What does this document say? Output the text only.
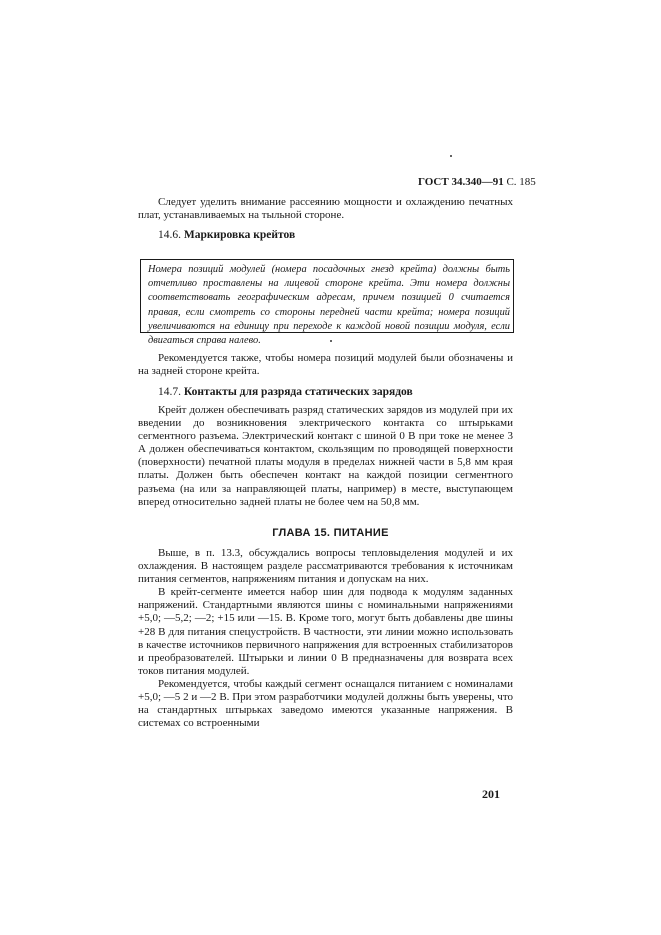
ГОСТ 34.340—91 С. 185

Следует уделить внимание рассеянию мощности и охлаждению печатных плат, устанавливаемых на тыльной стороне.

14.6. Маркировка крейтов
Номера позиций модулей (номера посадочных гнезд крейта) должны быть отчетливо проставлены на лицевой стороне крейта. Эти номера должны соответствовать географическим адресам, причем позицией 0 считается правая, если смотреть со стороны передней части крейта; номера позиций увеличиваются на единицу при переходе к каждой новой позиции модуля, если двигаться справа налево.

Рекомендуется также, чтобы номера позиций модулей были обозначены и на задней стороне крейта.

14.7. Контакты для разряда статических зарядов

Крейт должен обеспечивать разряд статических зарядов из модулей при их введении до возникновения электрического контакта со штырьками сегментного разъема. Электрический контакт с шиной 0 В при токе не менее 3 А должен обеспечиваться контактом, скользящим по проводящей поверхности (поверхности) печатной платы модуля в пределах нижней части в 5,8 мм края платы. Должен быть обеспечен контакт на каждой позиции сегментного разъема (на или за направляющей платы, например) в месте, выступающем вперед относительно задней платы не более чем на 50,8 мм.

ГЛАВА 15. ПИТАНИЕ

Выше, в п. 13.3, обсуждались вопросы тепловыделения модулей и их охлаждения. В настоящем разделе рассматриваются требования к источникам питания сегментов, напряжениям питания и допускам на них.

В крейт-сегменте имеется набор шин для подвода к модулям заданных напряжений. Стандартными являются шины с номинальными напряжениями +5,0; —5,2; —2; +15 или —15. В. Кроме того, могут быть добавлены две шины +28 В для питания спецустройств. В частности, эти линии можно использовать в качестве источников первичного напряжения для встроенных стабилизаторов и преобразователей. Штырьки и линии 0 В предназначены для возврата всех токов питания модулей.

Рекомендуется, чтобы каждый сегмент оснащался питанием с номиналами +5,0; —5 2 и —2 В. При этом разработчики модулей должны быть уверены, что на стандартных штырьках заведомо имеются указанные напряжения. В системах со встроенными

201
